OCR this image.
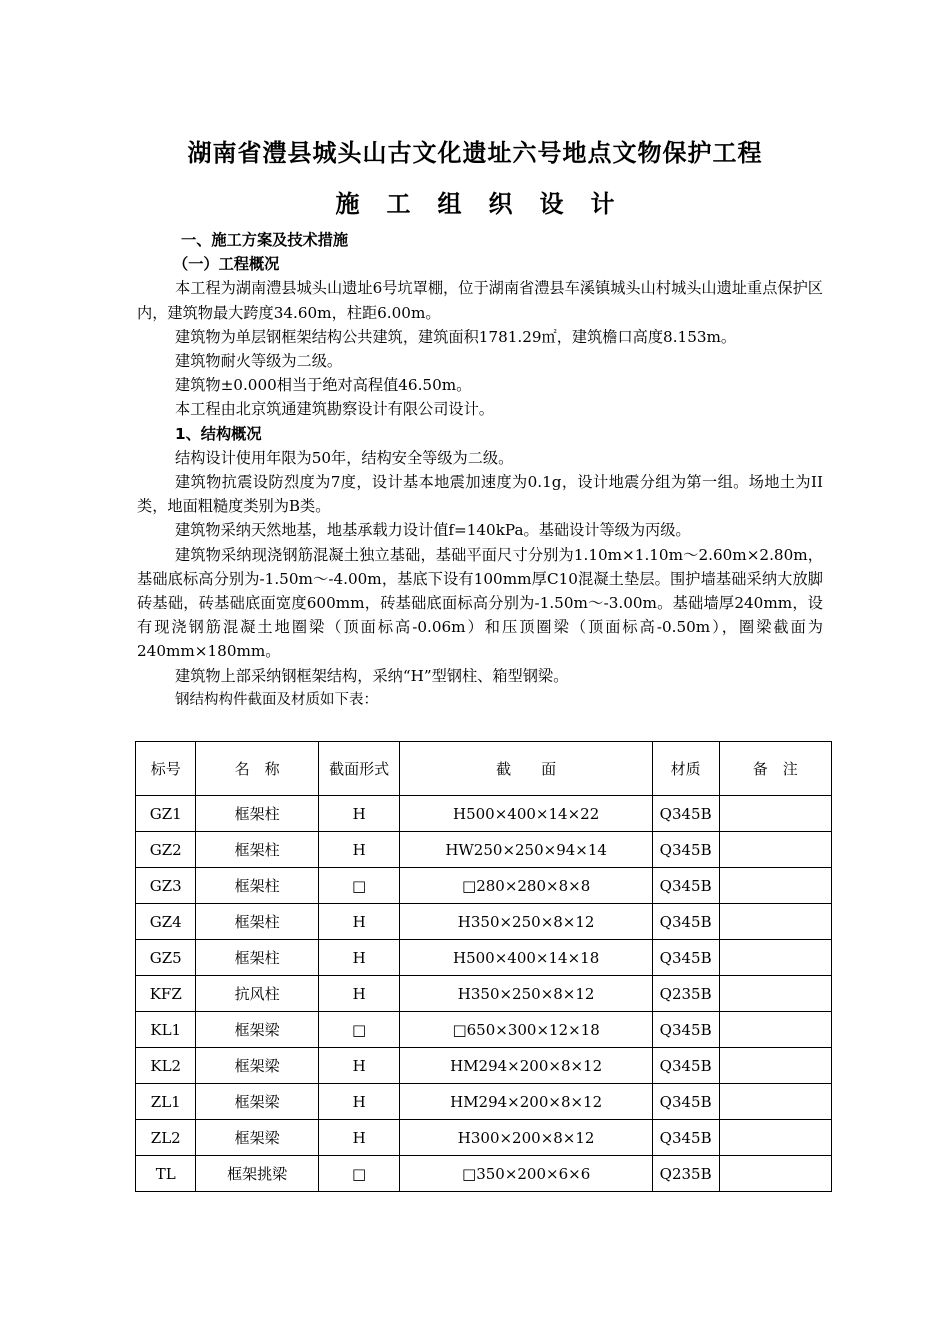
湖南省澧县城头山古文化遗址六号地点文物保护工程
施工组织设计

一、施工方案及技术措施

（一）工程概况

本工程为湖南澧县城头山遗址6号坑罩棚，位于湖南省澧县车溪镇城头山村城头山遗址重点保护区内，建筑物最大跨度34.60m，柱距6.00m。

建筑物为单层钢框架结构公共建筑，建筑面积1781.29㎡，建筑檐口高度8.153m。

建筑物耐火等级为二级。

建筑物±0.000相当于绝对高程值46.50m。

本工程由北京筑通建筑勘察设计有限公司设计。

1、结构概况

结构设计使用年限为50年，结构安全等级为二级。

建筑物抗震设防烈度为7度，设计基本地震加速度为0.1g，设计地震分组为第一组。场地土为II类，地面粗糙度类别为B类。

建筑物采纳天然地基，地基承载力设计值f=140kPa。基础设计等级为丙级。

建筑物采纳现浇钢筋混凝土独立基础，基础平面尺寸分别为1.10m×1.10m～2.60m×2.80m，基础底标高分别为-1.50m～-4.00m，基底下设有100mm厚C10混凝土垫层。围护墙基础采纳大放脚砖基础，砖基础底面宽度600mm，砖基础底面标高分别为-1.50m～-3.00m。基础墙厚240mm，设有现浇钢筋混凝土地圈梁（顶面标高-0.06m）和压顶圈梁（顶面标高-0.50m），圈梁截面为240mm×180mm。

建筑物上部采纳钢框架结构，采纳“H”型钢柱、箱型钢梁。

钢结构构件截面及材质如下表：

标号	名　称	截面形式	截　　面	材质	备　注
GZ1	框架柱	H	H500×400×14×22	Q345B	
GZ2	框架柱	H	HW250×250×94×14	Q345B	
GZ3	框架柱	□	□280×280×8×8	Q345B	
GZ4	框架柱	H	H350×250×8×12	Q345B	
GZ5	框架柱	H	H500×400×14×18	Q345B	
KFZ	抗风柱	H	H350×250×8×12	Q235B	
KL1	框架梁	□	□650×300×12×18	Q345B	
KL2	框架梁	H	HM294×200×8×12	Q345B	
ZL1	框架梁	H	HM294×200×8×12	Q345B	
ZL2	框架梁	H	H300×200×8×12	Q345B	
TL	框架挑梁	□	□350×200×6×6	Q235B	
